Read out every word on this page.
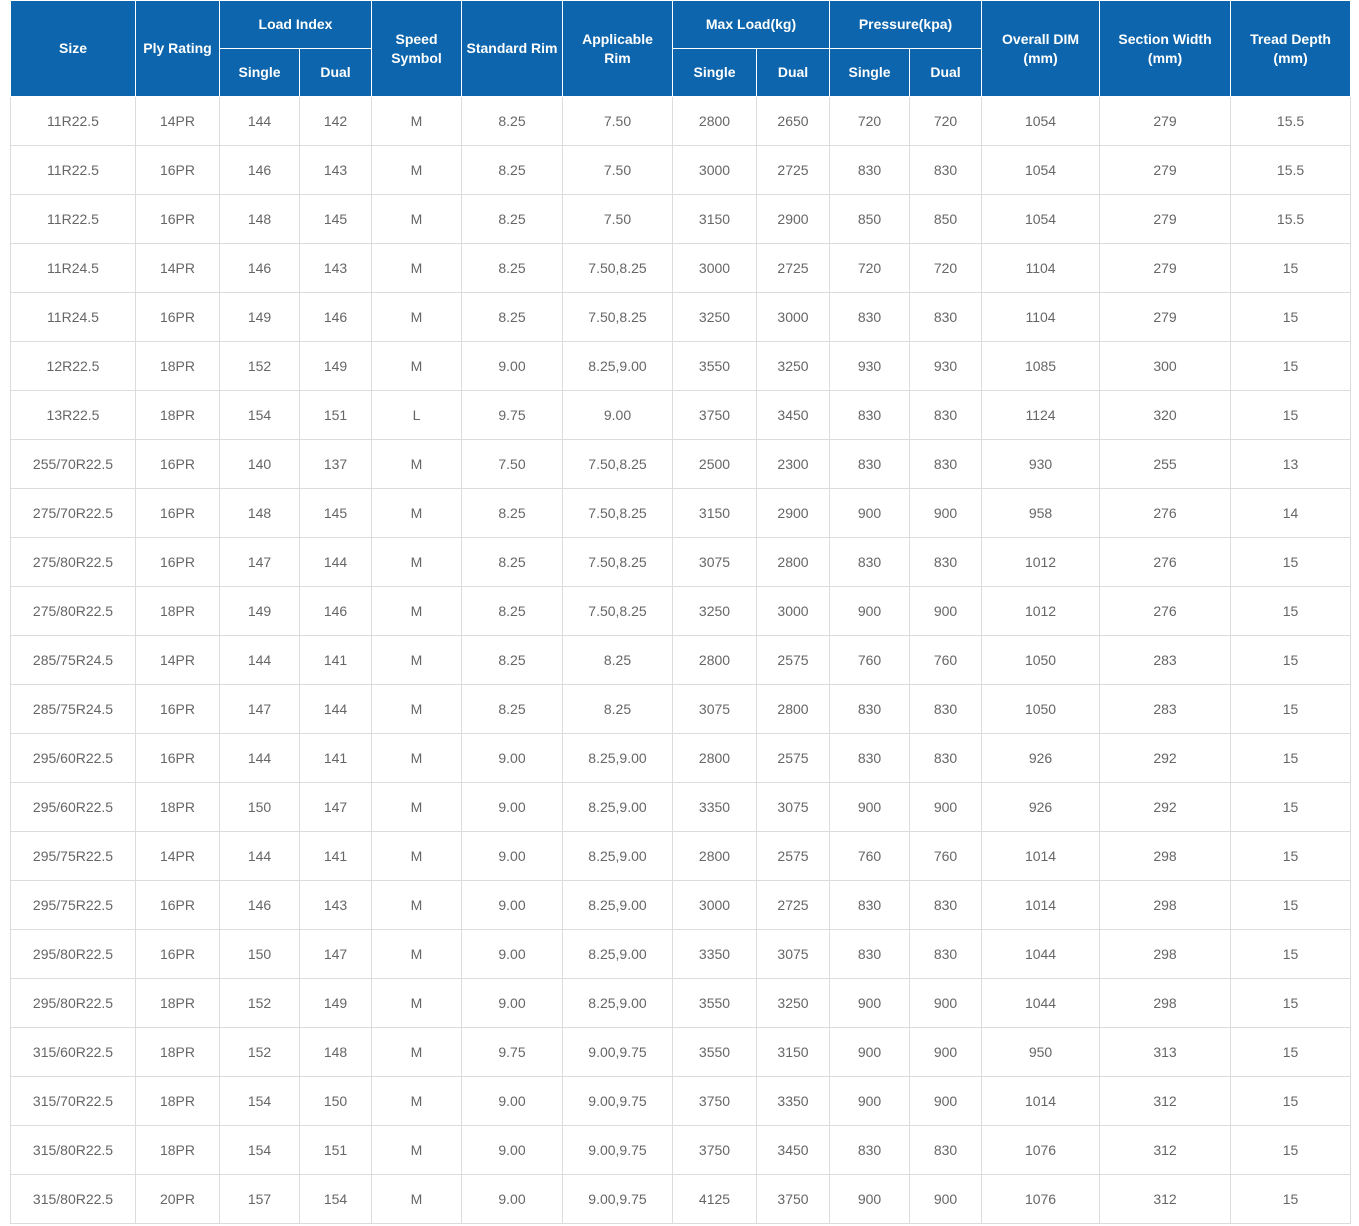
Size	Ply Rating	Load Index		Speed Symbol	Standard Rim	Applicable Rim	Max Load(kg)		Pressure(kpa)		Overall DIM (mm)	Section Width (mm)	Tread Depth (mm)
		Single	Dual				Single	Dual	Single	Dual			
11R22.5	14PR	144	142	M	8.25	7.50	2800	2650	720	720	1054	279	15.5
11R22.5	16PR	146	143	M	8.25	7.50	3000	2725	830	830	1054	279	15.5
11R22.5	16PR	148	145	M	8.25	7.50	3150	2900	850	850	1054	279	15.5
11R24.5	14PR	146	143	M	8.25	7.50,8.25	3000	2725	720	720	1104	279	15
11R24.5	16PR	149	146	M	8.25	7.50,8.25	3250	3000	830	830	1104	279	15
12R22.5	18PR	152	149	M	9.00	8.25,9.00	3550	3250	930	930	1085	300	15
13R22.5	18PR	154	151	L	9.75	9.00	3750	3450	830	830	1124	320	15
255/70R22.5	16PR	140	137	M	7.50	7.50,8.25	2500	2300	830	830	930	255	13
275/70R22.5	16PR	148	145	M	8.25	7.50,8.25	3150	2900	900	900	958	276	14
275/80R22.5	16PR	147	144	M	8.25	7.50,8.25	3075	2800	830	830	1012	276	15
275/80R22.5	18PR	149	146	M	8.25	7.50,8.25	3250	3000	900	900	1012	276	15
285/75R24.5	14PR	144	141	M	8.25	8.25	2800	2575	760	760	1050	283	15
285/75R24.5	16PR	147	144	M	8.25	8.25	3075	2800	830	830	1050	283	15
295/60R22.5	16PR	144	141	M	9.00	8.25,9.00	2800	2575	830	830	926	292	15
295/60R22.5	18PR	150	147	M	9.00	8.25,9.00	3350	3075	900	900	926	292	15
295/75R22.5	14PR	144	141	M	9.00	8.25,9.00	2800	2575	760	760	1014	298	15
295/75R22.5	16PR	146	143	M	9.00	8.25,9.00	3000	2725	830	830	1014	298	15
295/80R22.5	16PR	150	147	M	9.00	8.25,9.00	3350	3075	830	830	1044	298	15
295/80R22.5	18PR	152	149	M	9.00	8.25,9.00	3550	3250	900	900	1044	298	15
315/60R22.5	18PR	152	148	M	9.75	9.00,9.75	3550	3150	900	900	950	313	15
315/70R22.5	18PR	154	150	M	9.00	9.00,9.75	3750	3350	900	900	1014	312	15
315/80R22.5	18PR	154	151	M	9.00	9.00,9.75	3750	3450	830	830	1076	312	15
315/80R22.5	20PR	157	154	M	9.00	9.00,9.75	4125	3750	900	900	1076	312	15
